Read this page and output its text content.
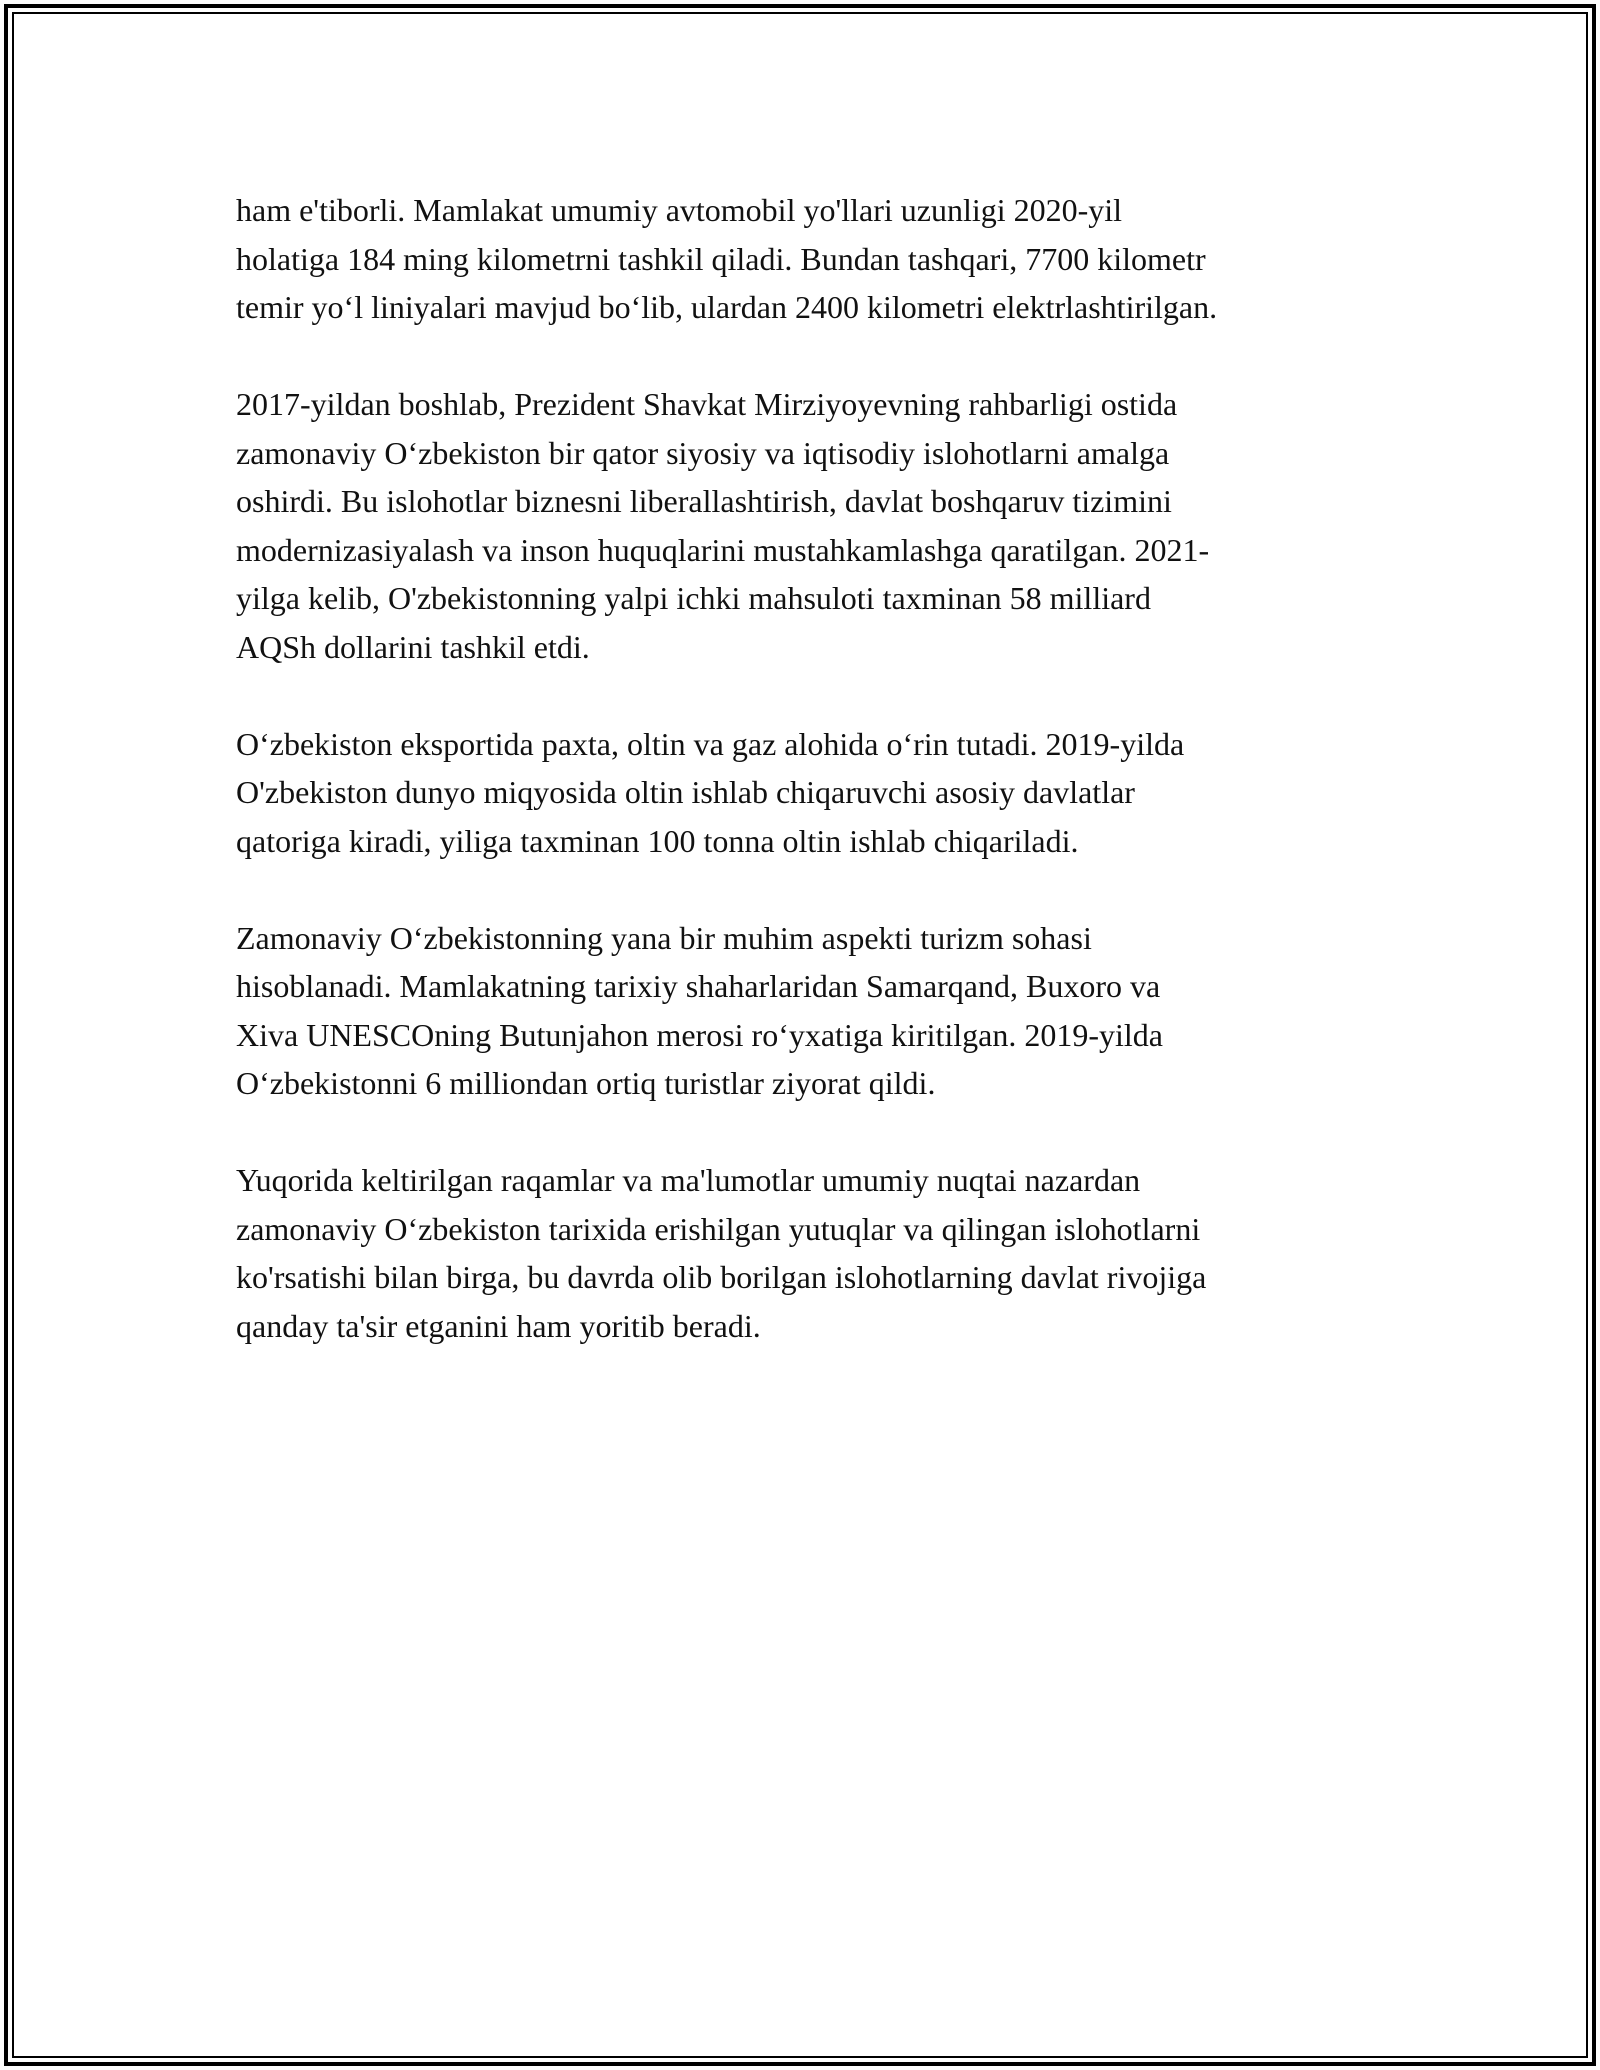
ham e'tiborli. Mamlakat umumiy avtomobil yo'llari uzunligi 2020-yil
holatiga 184 ming kilometrni tashkil qiladi. Bundan tashqari, 7700 kilometr
temir yo‘l liniyalari mavjud bo‘lib, ulardan 2400 kilometri elektrlashtirilgan.

2017-yildan boshlab, Prezident Shavkat Mirziyoyevning rahbarligi ostida
zamonaviy O‘zbekiston bir qator siyosiy va iqtisodiy islohotlarni amalga
oshirdi. Bu islohotlar biznesni liberallashtirish, davlat boshqaruv tizimini
modernizasiyalash va inson huquqlarini mustahkamlashga qaratilgan. 2021-
yilga kelib, O'zbekistonning yalpi ichki mahsuloti taxminan 58 milliard
AQSh dollarini tashkil etdi.

O‘zbekiston eksportida paxta, oltin va gaz alohida o‘rin tutadi. 2019-yilda
O'zbekiston dunyo miqyosida oltin ishlab chiqaruvchi asosiy davlatlar
qatoriga kiradi, yiliga taxminan 100 tonna oltin ishlab chiqariladi.

Zamonaviy O‘zbekistonning yana bir muhim aspekti turizm sohasi
hisoblanadi. Mamlakatning tarixiy shaharlaridan Samarqand, Buxoro va
Xiva UNESCOning Butunjahon merosi ro‘yxatiga kiritilgan. 2019-yilda
O‘zbekistonni 6 milliondan ortiq turistlar ziyorat qildi.

Yuqorida keltirilgan raqamlar va ma'lumotlar umumiy nuqtai nazardan
zamonaviy O‘zbekiston tarixida erishilgan yutuqlar va qilingan islohotlarni
ko'rsatishi bilan birga, bu davrda olib borilgan islohotlarning davlat rivojiga
qanday ta'sir etganini ham yoritib beradi.
